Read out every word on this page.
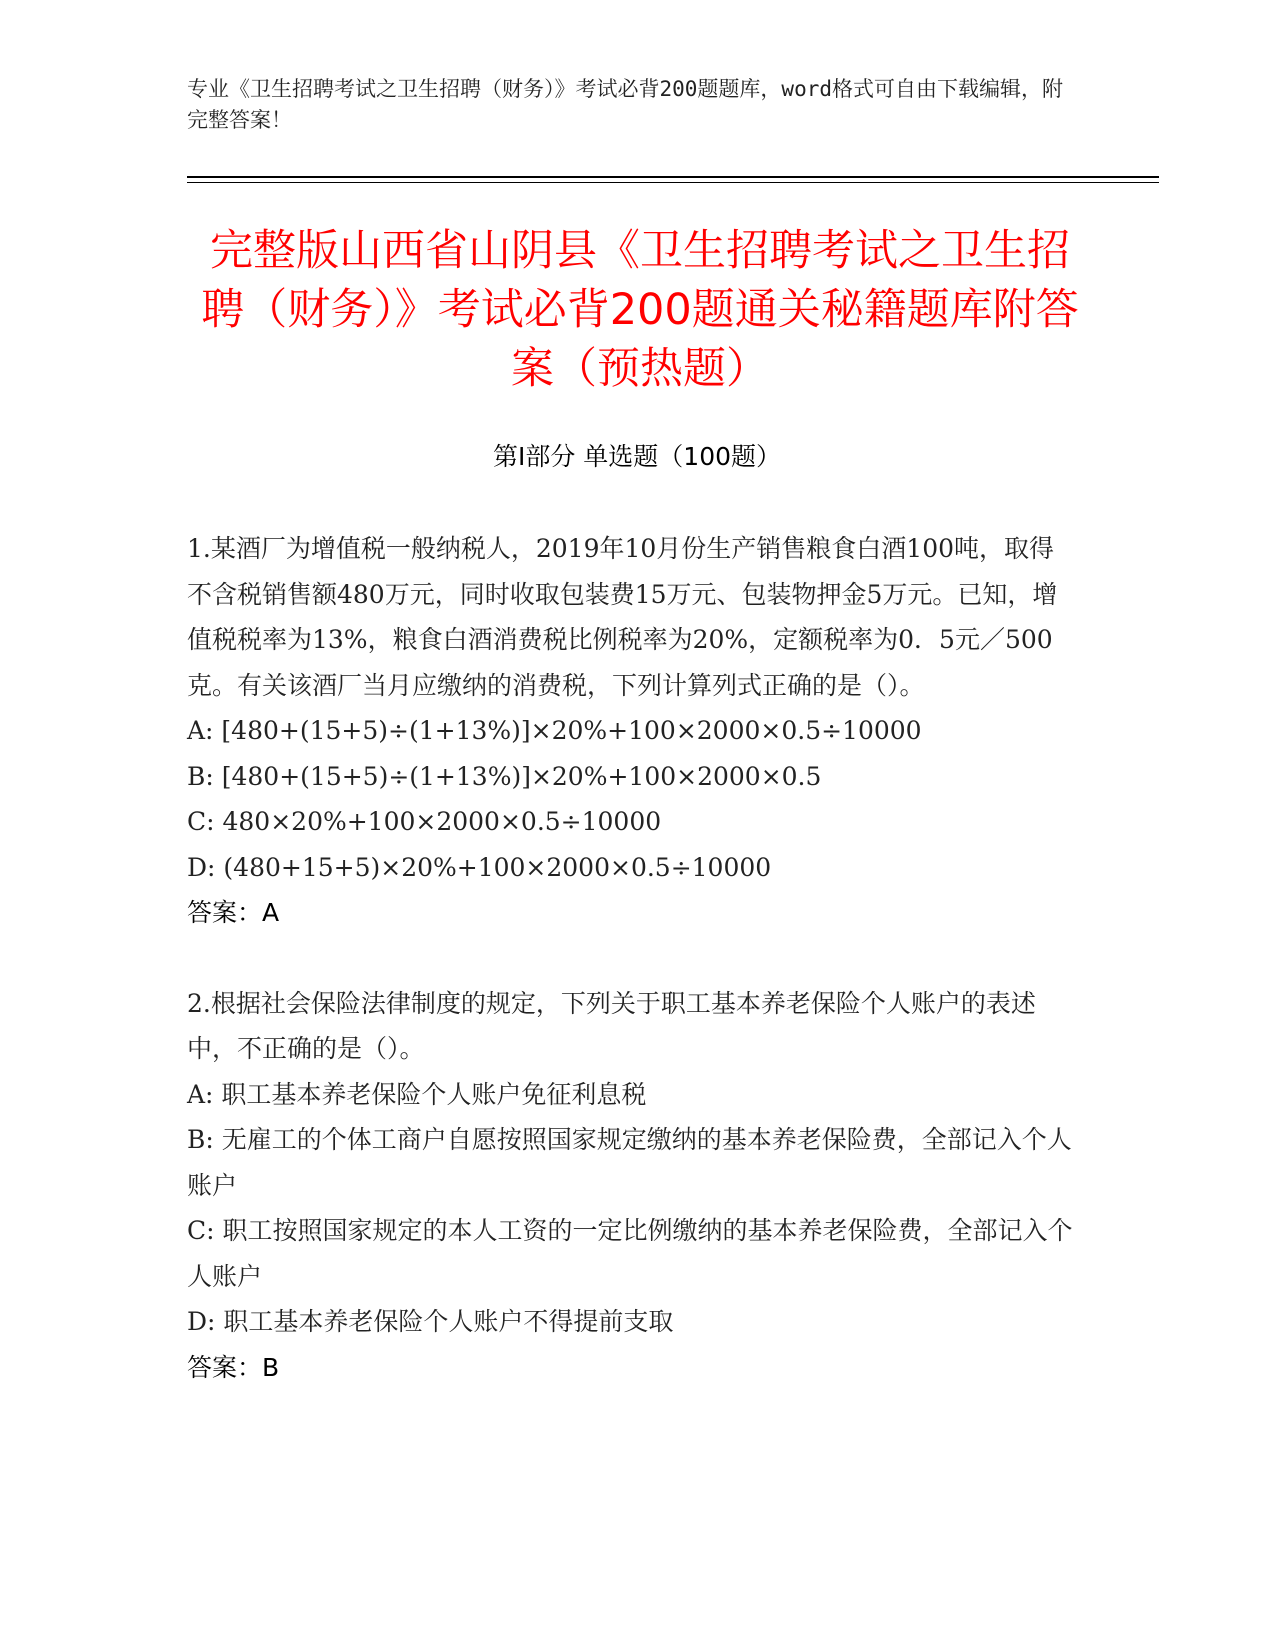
专业《卫生招聘考试之卫生招聘（财务）》考试必背200题题库，word格式可自由下载编辑，附完整答案！
完整版山西省山阴县《卫生招聘考试之卫生招聘（财务）》考试必背200题通关秘籍题库附答案（预热题）
第Ⅰ部分 单选题（100题）

1.某酒厂为增值税一般纳税人，2019年10月份生产销售粮食白酒100吨，取得不含税销售额480万元，同时收取包装费15万元、包装物押金5万元。已知，增值税税率为13%，粮食白酒消费税比例税率为20%，定额税率为0．5元／500克。有关该酒厂当月应缴纳的消费税，下列计算列式正确的是（）。

A: [480+(15+5)÷(1+13%)]×20%+100×2000×0.5÷10000

B: [480+(15+5)÷(1+13%)]×20%+100×2000×0.5

C: 480×20%+100×2000×0.5÷10000

D: (480+15+5)×20%+100×2000×0.5÷10000

答案：A

2.根据社会保险法律制度的规定，下列关于职工基本养老保险个人账户的表述中，不正确的是（）。

A: 职工基本养老保险个人账户免征利息税

B: 无雇工的个体工商户自愿按照国家规定缴纳的基本养老保险费，全部记入个人账户

C: 职工按照国家规定的本人工资的一定比例缴纳的基本养老保险费，全部记入个人账户

D: 职工基本养老保险个人账户不得提前支取

答案：B
